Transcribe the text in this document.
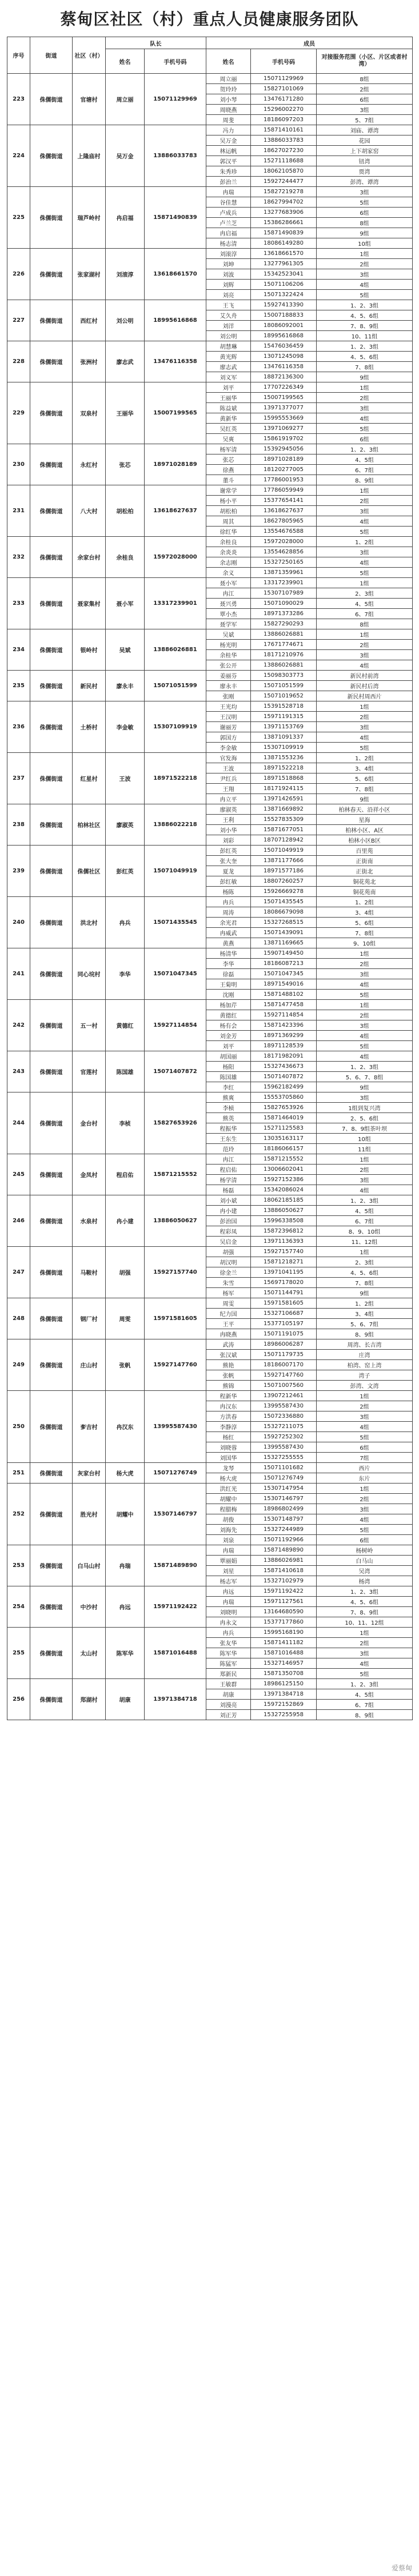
蔡甸区社区（村）重点人员健康服务团队
序号	街道	社区（村）	队长		成员		
			姓名	手机号码	姓名	手机号码	对接服务范围（小区、片区或者村湾）
223	侏儒街道	官塘村	周立丽	15071129969	周立丽	15071129969	8组
					贺玲玲	15827101069	2组
					刘小琴	13476171280	6组
					周晓燕	15296002270	3组
					周斐	18186097203	5、7组
224	侏儒街道	上隆庙村	吴万金	13886033783	冯力	15871410161	刘庙、谭湾
					吴万金	13886033783	花园
					林运帆	18627027230	上下胡家窑
					郭汉平	15271118688	钮湾
					朱秀珍	18062105870	贾湾
					彭治兰	15927244477	彭湾、谭湾
225	侏儒街道	瑞芦岭村	冉启福	15871490839	冉瑞	15827219278	3组
					谷佳慧	18627994702	5组
					卢成兵	13277683906	6组
					卢兰芝	15386286661	8组
					冉启福	15871490839	9组
					杨志清	18086149280	10组
226	侏儒街道	张家湖村	刘滚淳	13618661570	刘滚淳	13618661570	1组
					刘坤	13277961305	2组
					刘波	15342523041	3组
					刘辉	15071106206	4组
					刘亮	15071322424	5组
227	侏儒街道	西红村	刘公明	18995616868	王飞	15927413390	1、2、3组
					艾久舟	15007188833	4、5、6组
					刘洋	18086092001	7、8、9组
					刘公明	18995616868	10、11组
228	侏儒街道	张洲村	廖志武	13476116358	胡慧琳	15476036459	1、2、3组
					黄光辉	13071245098	4、5、6组
					廖志武	13476116358	7、8组
					刘义军	18872136300	9组
229	侏儒街道	双泉村	王丽华	15007199565	刘平	17707226349	1组
					王丽华	15007199565	2组
					陈益斌	13971377077	3组
					黄新华	15995553669	4组
					吴红英	13971069277	5组
					吴爽	15861919702	6组
230	侏儒街道	永红村	张芯	18971028189	杨军清	15392945056	1、2、3组
					张芯	18971028189	4、5组
					徐燕	18120277005	6、7组
					董斗	17786001953	8、9组
231	侏儒街道	八大村	胡松柏	13618627637	谢常学	17786059949	1组
					杨小平	15377654141	2组
					胡松柏	13618627637	3组
					周其	18627805965	4组
					徐红华	13554676588	5组
232	侏儒街道	余家台村	余桂良	15972028000	余桂良	15972028000	1、2组
					余炎炎	13554628856	3组
					余志刚	15327250165	4组
					余义	13871359961	5组
233	侏儒街道	聂家集村	聂小军	13317239901	聂小军	13317239901	1组
					冉江	15307107989	2、3组
					聂兴勇	15071090029	4、5组
					覃小杰	18971373286	6、7组
					聂学军	15827290293	8组
234	侏儒街道	银岭村	吴斌	13886026881	吴斌	13886026881	1组
					杨光明	17671774671	2组
					余桂华	18171210976	3组
					张公开	13886026881	4组
235	侏儒街道	新民村	廖永丰	15071051599	姜丽芬	15098303773	新民村前湾
					廖永丰	15071051599	新民村后湾
					张刚	15071019652	新民村周西片
236	侏儒街道	土桥村	李金敏	15307109919	王光均	15391528718	1组
					王汉明	15971191315	2组
					谢丽芳	13971153769	3组
					郭国方	13871091337	4组
					李金敏	15307109919	5组
237	侏儒街道	红星村	王波	18971522218	官发海	13871553236	1、2组
					王波	18971522218	3、4组
					尹红兵	18971518868	5、6组
					王翔	18171924115	7、8组
					冉立平	13971426591	9组
238	侏儒街道	柏林社区	廖淑英	13886022218	廖淑英	13871669892	柏林春天、沿祥小区
					王利	15527835309	星海
					刘小华	15871677051	柏林小区、A区
					刘彩	18707128942	柏林小区B区
239	侏儒街道	侏儒社区	彭红英	15071049919	彭红英	15071049919	百里苑
					张大奎	13871177666	正街南
					夏龙	18971577186	正街北
					彭红敏	18807260257	铜花苑北
					杨陈	15926669278	铜花苑南
240	侏儒街道	洪北村	冉兵	15071435545	冉兵	15071435545	1、2组
					周涛	18086679098	3、4组
					余光君	15327268515	5、6组
					冉威武	15071439091	7、8组
					黄燕	13871169665	9、10组
241	侏儒街道	同心垸村	李华	15071047345	杨清华	15907149450	1组
					李华	18186087213	2组
					徐磊	15071047345	3组
					王菊明	18971549016	4组
					沈刚	15871488102	5组
242	侏儒街道	五一村	黄德红	15927114854	杨加芹	15871477458	1组
					黄德红	15927114854	2组
					杨有会	15871423396	3组
					刘金芳	18971369299	4组
					刘平	18971128539	5组
243	侏儒街道	官莲村	陈国雄	15071407872	胡国丽	18171982091	4组
					杨阳	15327436673	1、2、3组
					陈国雄	15071407872	5、6、7、8组
					李红	15962182499	9组
244	侏儒街道	金台村	李桢	15827653926	熊爽	15553705860	3组
					李桢	15827653926	1组到复兴湾
					熊英	15871464019	2、5、6组
					程振华	15271125583	7、8、9组茶叶坝
					王东生	13035163117	10组
					范玲	18186066157	11组
245	侏儒街道	金凤村	程启佑	15871215552	冉江	15871215552	1组
					程启佑	13006602041	2组
					杨学清	15927152386	3组
					杨磊	15342086024	4组
246	侏儒街道	水泉村	冉小建	13886050627	刘小斌	18062185185	1、2、3组
					冉小建	13886050627	4、5组
					彭治国	15996338508	6、7组
					程彩凤	15872396812	8、9、10组
					吴启金	13971136393	11、12组
247	侏儒街道	马鞍村	胡强	15927157740	胡强	15927157740	1组
					胡汉明	15871218271	2、3组
					徐金兰	13971041195	4、5、6组
					朱雪	15697178020	7、8组
					杨军	15071144791	9组
248	侏儒街道	钢厂村	周雯	15971581605	周雯	15971581605	1、2组
					纪力国	15327106687	3、4组
					王平	15377105197	5、6、7组
					冉晓燕	15071191075	8、9组
249	侏儒街道	庄山村	张帆	15927147760	武涛	18986006287	周湾、长吉湾
					张汉斌	15071179735	庄湾
					熊艳	18186007170	柏湾、窑上湾
					张帆	15927147760	湾子
					熊锦	15071007560	彭湾、文湾
250	侏儒街道	奓吉村	冉汉东	13995587430	程新华	13907212461	1组
					冉汉东	13995587430	2组
					方洪春	15072336880	3组
					李静淳	15327211075	4组
					杨红	15927252302	5组
					刘晓蓉	13995587430	6组
					刘国华	15327255555	7组
251	侏儒街道	灰家台村	杨大虎	15071276749	龙琴	15071101682	西片
					杨大虎	15071276749	东片
252	侏儒街道	胜光村	胡耀中	15307146797	洪红光	15307147954	1组
					胡耀中	15307146797	2组
					程腊梅	18986802499	3组
					胡俊	15307148797	4组
					刘海先	15327244989	5组
					刘泉	15071192966	6组
253	侏儒街道	白马山村	冉瑞	15871489890	冉瑞	15871489890	杨树岭
					覃丽娟	13886026981	白马山
					刘星	15871410618	吴湾
					杨志军	15327102979	杨湾
254	侏儒街道	中沙村	冉远	15971192422	冉远	15971192422	1、2、3组
					冉瑞	15971127561	4、5、6组
					刘晓明	13164680590	7、8、9组
					冉永文	15377177860	10、11、12组
255	侏儒街道	太山村	陈军华	15871016488	冉兵	15995168190	1组
					张友华	15871411182	2组
					陈军华	15871016488	3组
					陈猛军	15327146957	4组
					郑新民	15871350708	5组
256	侏儒街道	郑湖村	胡康	13971384718	王敏群	18986125150	1、2、3组
					胡康	13971384718	4、5组
					刘漫亮	15972152869	6、7组
					刘正芳	15327255958	8、9组
爱蔡甸
